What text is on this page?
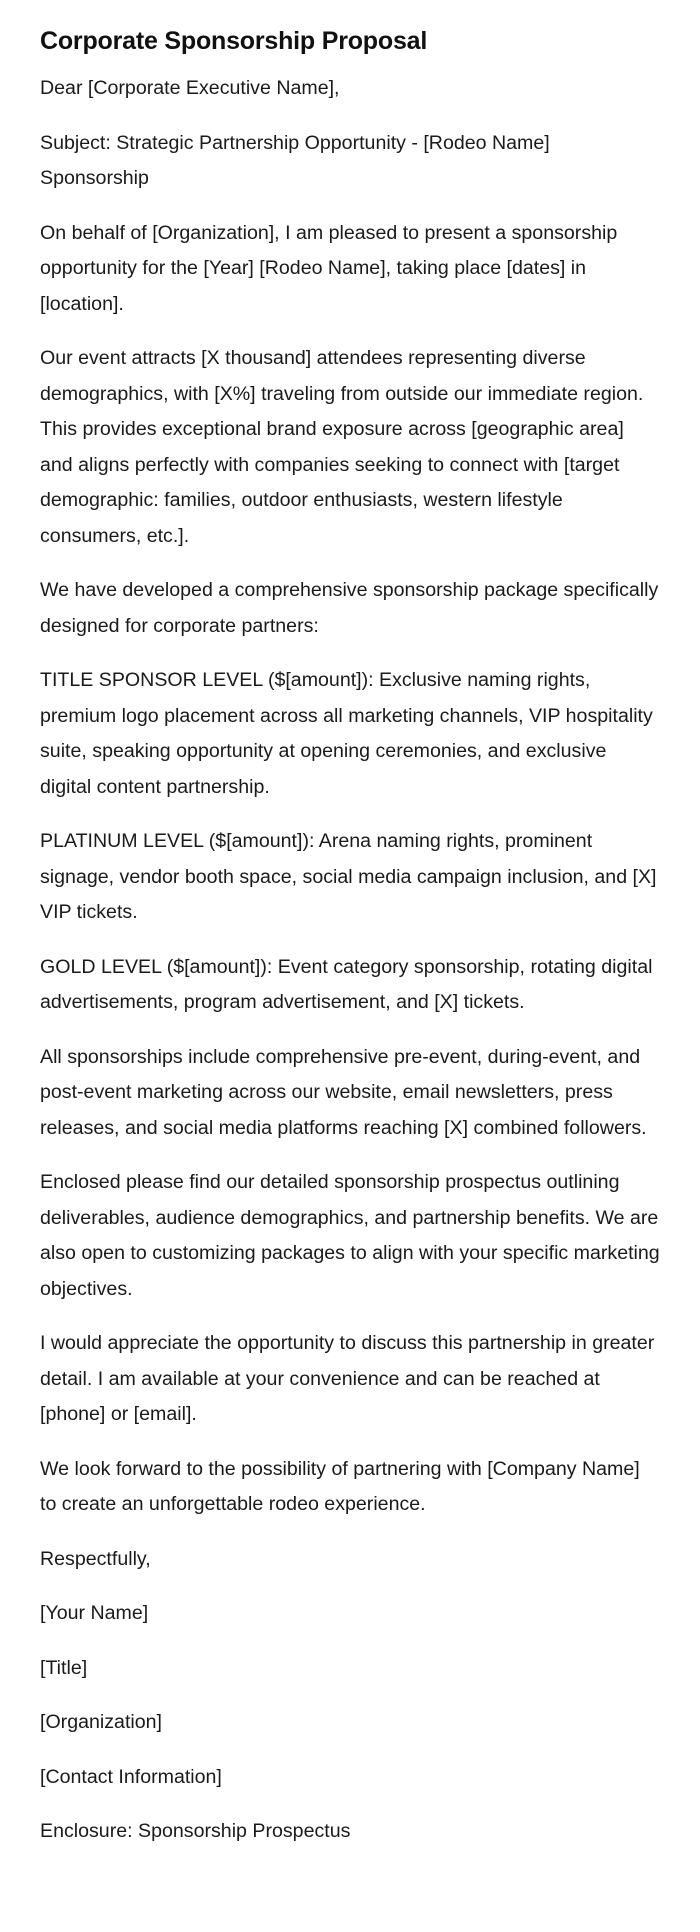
Corporate Sponsorship Proposal

Dear [Corporate Executive Name],

Subject: Strategic Partnership Opportunity - [Rodeo Name] Sponsorship

On behalf of [Organization], I am pleased to present a sponsorship opportunity for the [Year] [Rodeo Name], taking place [dates] in [location].

Our event attracts [X thousand] attendees representing diverse demographics, with [X%] traveling from outside our immediate region. This provides exceptional brand exposure across [geographic area] and aligns perfectly with companies seeking to connect with [target demographic: families, outdoor enthusiasts, western lifestyle consumers, etc.].

We have developed a comprehensive sponsorship package specifically designed for corporate partners:

TITLE SPONSOR LEVEL ($[amount]): Exclusive naming rights, premium logo placement across all marketing channels, VIP hospitality suite, speaking opportunity at opening ceremonies, and exclusive digital content partnership.

PLATINUM LEVEL ($[amount]): Arena naming rights, prominent signage, vendor booth space, social media campaign inclusion, and [X] VIP tickets.

GOLD LEVEL ($[amount]): Event category sponsorship, rotating digital advertisements, program advertisement, and [X] tickets.

All sponsorships include comprehensive pre-event, during-event, and post-event marketing across our website, email newsletters, press releases, and social media platforms reaching [X] combined followers.

Enclosed please find our detailed sponsorship prospectus outlining deliverables, audience demographics, and partnership benefits. We are also open to customizing packages to align with your specific marketing objectives.

I would appreciate the opportunity to discuss this partnership in greater detail. I am available at your convenience and can be reached at [phone] or [email].

We look forward to the possibility of partnering with [Company Name] to create an unforgettable rodeo experience.

Respectfully,

[Your Name]

[Title]

[Organization]

[Contact Information]

Enclosure: Sponsorship Prospectus
